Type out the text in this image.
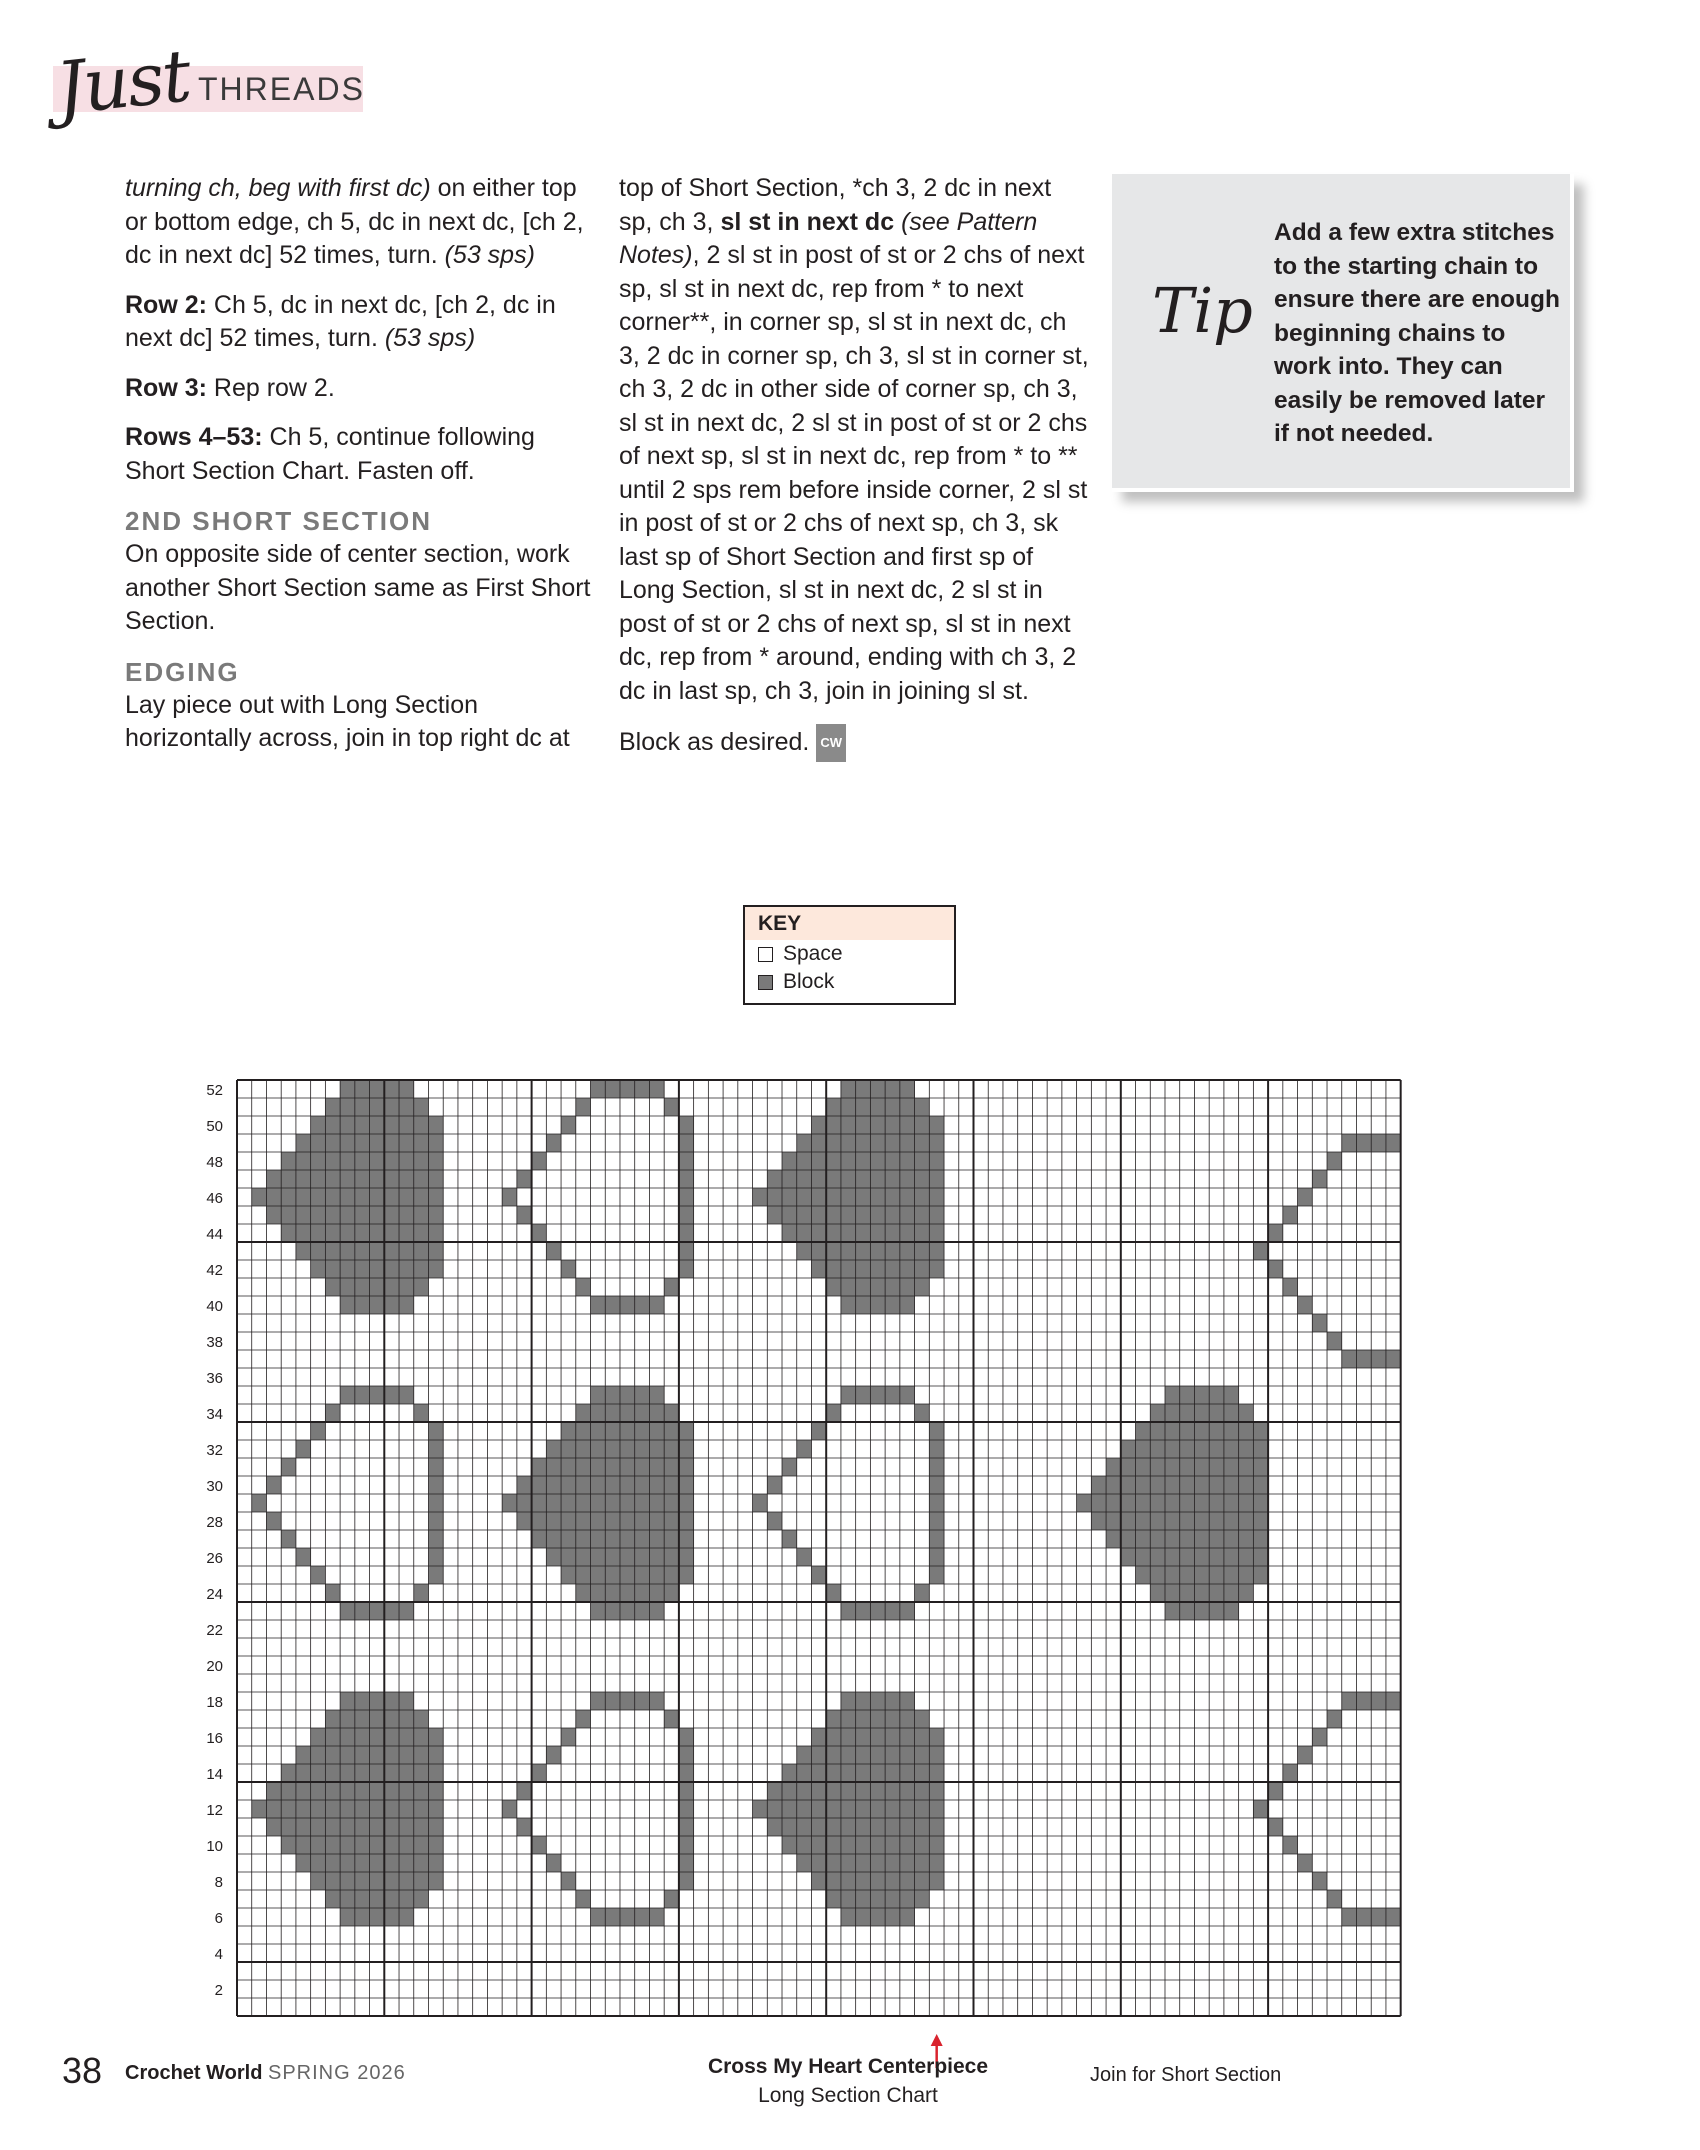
Just THREADS

turning ch, beg with first dc) on either top or bottom edge, ch 5, dc in next dc, [ch 2, dc in next dc] 52 times, turn. (53 sps)

Row 2: Ch 5, dc in next dc, [ch 2, dc in next dc] 52 times, turn. (53 sps)

Row 3: Rep row 2.

Rows 4–53: Ch 5, continue following Short Section Chart. Fasten off.

2ND SHORT SECTION

On opposite side of center section, work another Short Section same as First Short Section.

EDGING

Lay piece out with Long Section horizontally across, join in top right dc at

top of Short Section, *ch 3, 2 dc in next sp, ch 3, sl st in next dc (see Pattern Notes), 2 sl st in post of st or 2 chs of next sp, sl st in next dc, rep from * to next corner**, in corner sp, sl st in next dc, ch 3, 2 dc in corner sp, ch 3, sl st in corner st, ch 3, 2 dc in other side of corner sp, ch 3, sl st in next dc, 2 sl st in post of st or 2 chs of next sp, sl st in next dc, rep from * to ** until 2 sps rem before inside corner, 2 sl st in post of st or 2 chs of next sp, ch 3, sk last sp of Short Section and first sp of Long Section, sl st in next dc, 2 sl st in post of st or 2 chs of next sp, sl st in next dc, rep from * around, ending with ch 3, 2 dc in last sp, ch 3, join in joining sl st.

Block as desired. CW

Tip
Add a few extra stitches to the starting chain to ensure there are enough beginning chains to work into. They can easily be removed later if not needed.
KEY
Space
Block
52
50
48
46
44
42
40
38
36
34
32
30
28
26
24
22
20
18
16
14
12
10
8
6
4
2
38 Crochet World SPRING 2026	Cross My Heart Centerpiece
Long Section Chart
Join for Short Section
